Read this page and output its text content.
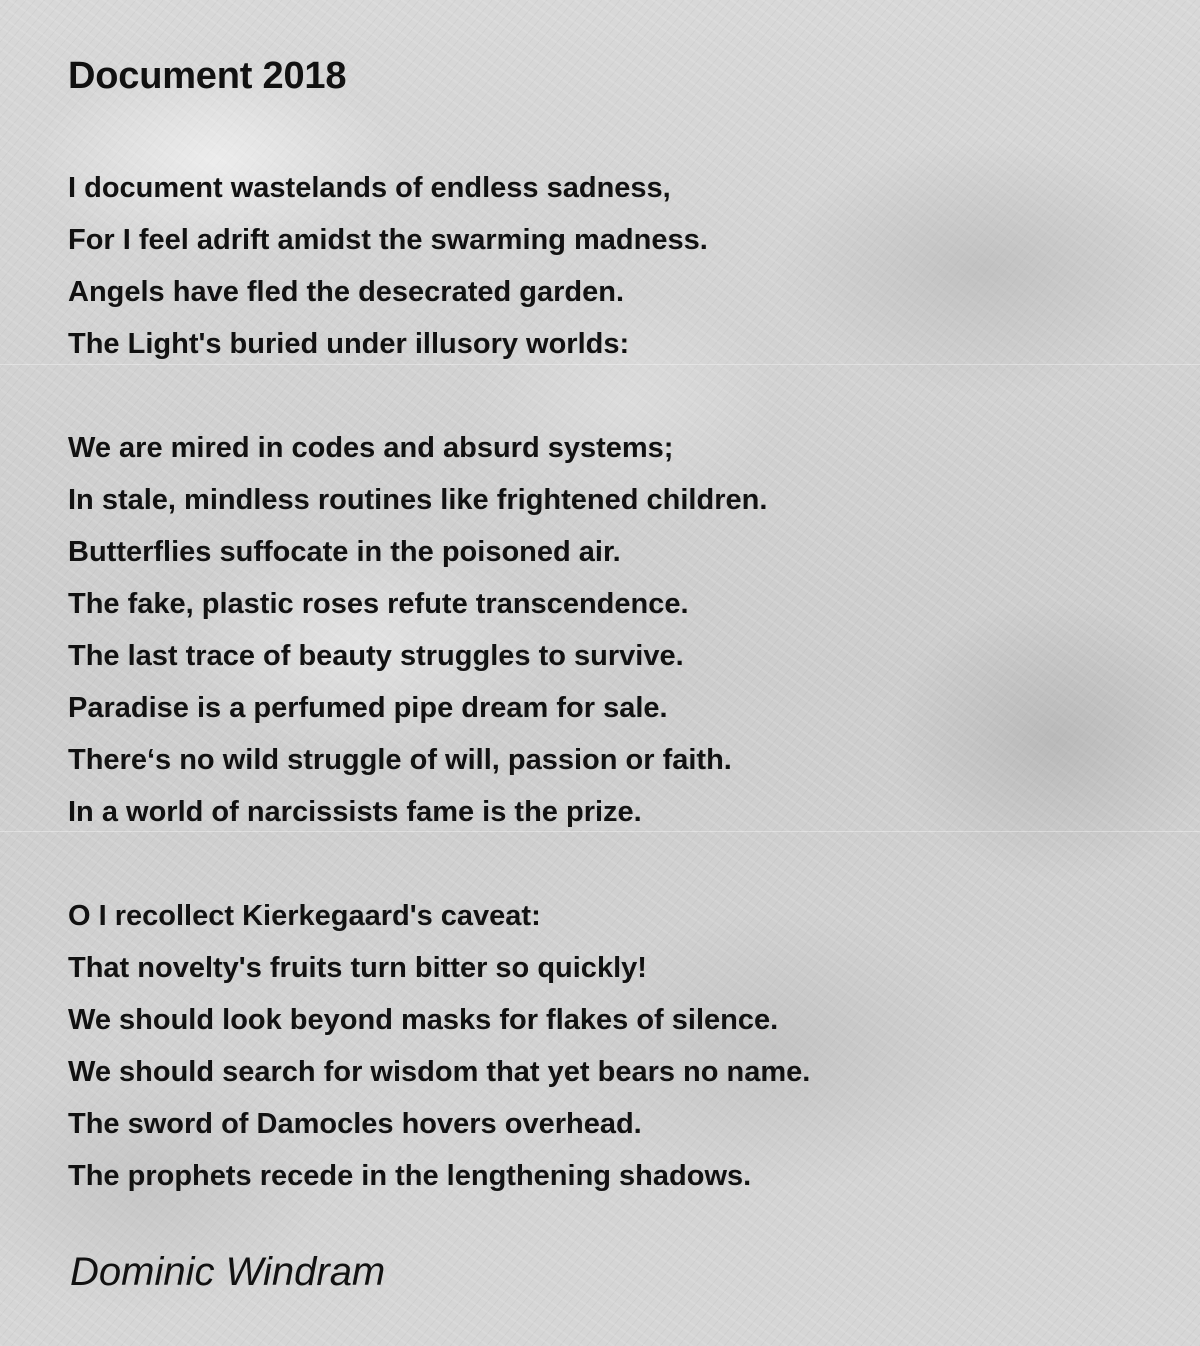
Document 2018
I document wastelands of endless sadness,
For I feel adrift amidst the swarming madness.
Angels have fled the desecrated garden.
The Light's buried under illusory worlds:
We are mired in codes and absurd systems;
In stale, mindless routines like frightened children.
Butterflies suffocate in the poisoned air.
The fake, plastic roses refute transcendence.
The last trace of beauty struggles to survive.
Paradise is a perfumed pipe dream for sale.
There‘s no wild struggle of will, passion or faith.
In a world of narcissists fame is the prize.
O I recollect Kierkegaard's caveat:
That novelty's fruits turn bitter so quickly!
We should look beyond masks for flakes of silence.
We should search for wisdom that yet bears no name.
The sword of Damocles hovers overhead.
The prophets recede in the lengthening shadows.
Dominic Windram
